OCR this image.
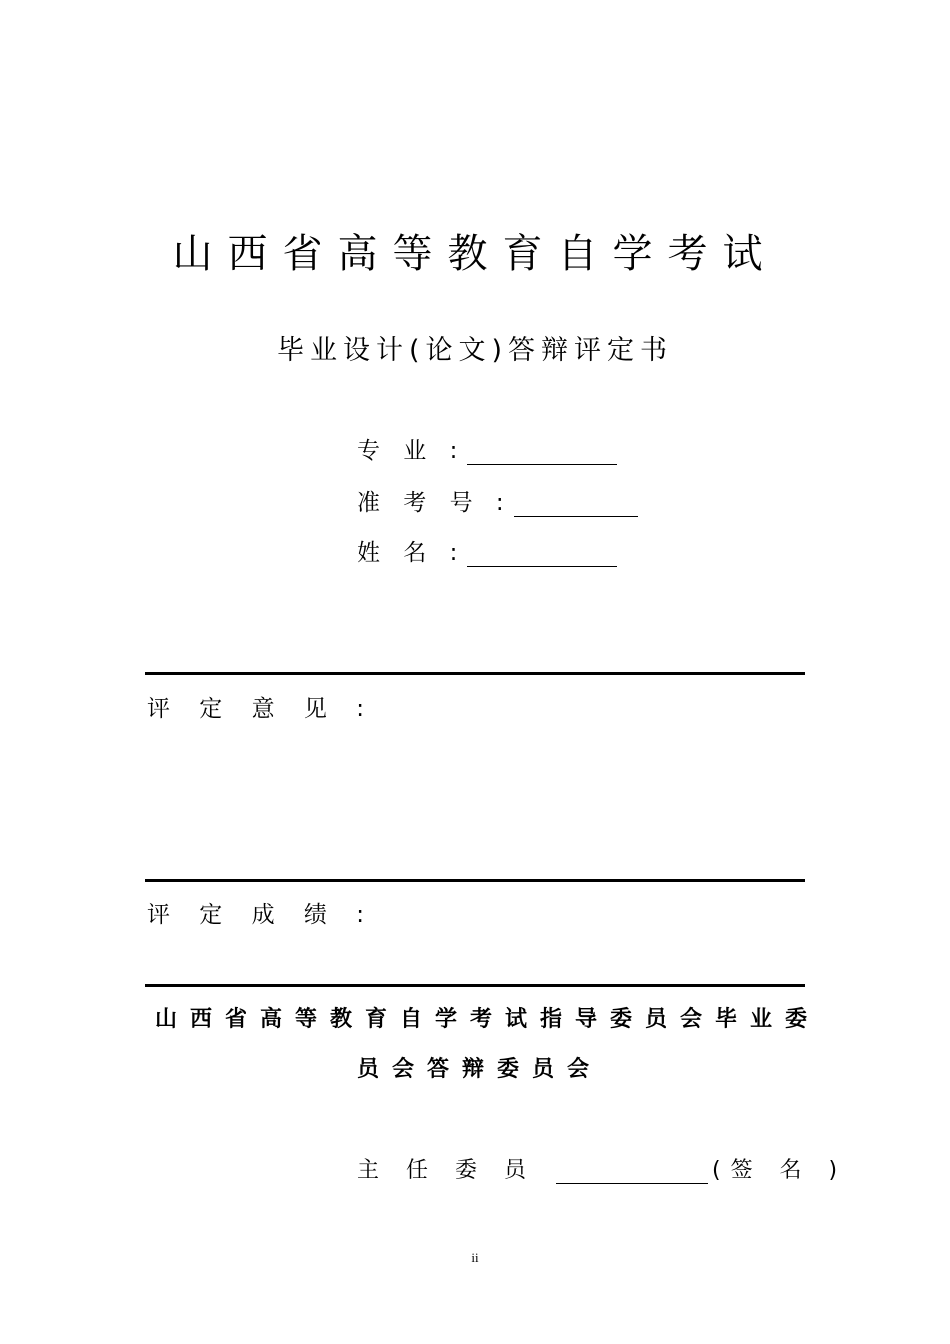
山西省高等教育自学考试
毕业设计(论文)答辩评定书
专 业 :
准 考 号 :
姓 名 :
评 定 意 见 :
评 定 成 绩 :
山西省高等教育自学考试指导委员会毕业委
员会答辩委员会
主 任 委 员	(签 名 )
ii
